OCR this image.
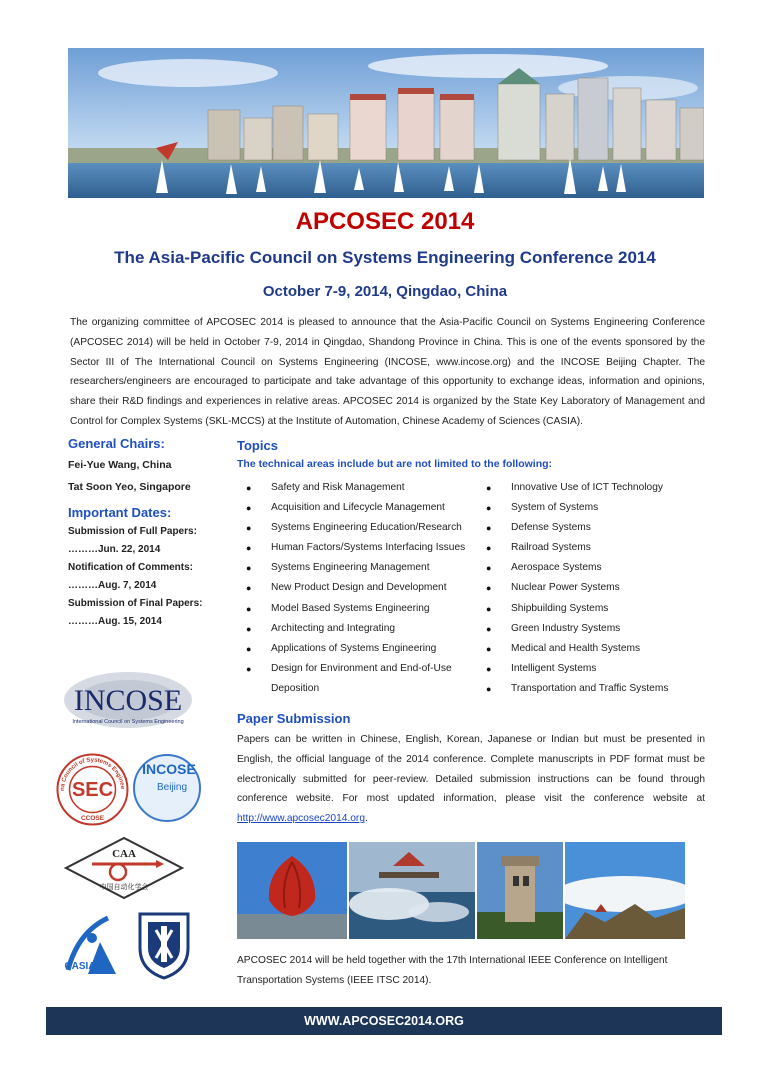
APCOSEC 2014
The Asia-Pacific Council on Systems Engineering Conference 2014
October 7-9, 2014, Qingdao, China
The organizing committee of APCOSEC 2014 is pleased to announce that the Asia-Pacific Council on Systems Engineering Conference (APCOSEC 2014) will be held in October 7-9, 2014 in Qingdao, Shandong Province in China. This is one of the events sponsored by the Sector III of The International Council on Systems Engineering (INCOSE, www.incose.org) and the INCOSE Beijing Chapter. The researchers/engineers are encouraged to participate and take advantage of this opportunity to exchange ideas, information and opinions, share their R&D findings and experiences in relative areas. APCOSEC 2014 is organized by the State Key Laboratory of Management and Control for Complex Systems (SKL-MCCS) at the Institute of Automation, Chinese Academy of Sciences (CASIA).

General Chairs:

Fei-Yue Wang, China

Tat Soon Yeo, Singapore

Important Dates:

Submission of Full Papers:

………Jun. 22, 2014

Notification of Comments:

………Aug. 7, 2014

Submission of Final Papers:

………Aug. 15, 2014

INCOSE
International Council on Systems Engineering
na Council of Systems Enginee
SEC
CCOSE
INCOSE
Beijing
CAA
中国自动化学会
CASIA
Topics
The technical areas include but are not limited to the following:
● Safety and Risk Management
● Acquisition and Lifecycle Management
● Systems Engineering Education/Research
● Human Factors/Systems Interfacing Issues
● Systems Engineering Management
● New Product Design and Development
● Model Based Systems Engineering
● Architecting and Integrating
● Applications of Systems Engineering
● Design for Environment and End-of-Use Deposition
● Innovative Use of ICT Technology
● System of Systems
● Defense Systems
● Railroad Systems
● Aerospace Systems
● Nuclear Power Systems
● Shipbuilding Systems
● Green Industry Systems
● Medical and Health Systems
● Intelligent Systems
● Transportation and Traffic Systems
Paper Submission
Papers can be written in Chinese, English, Korean, Japanese or Indian but must be presented in English, the official language of the 2014 conference. Complete manuscripts in PDF format must be electronically submitted for peer-review. Detailed submission instructions can be found through conference website. For most updated information, please visit the conference website at http://www.apcosec2014.org.
APCOSEC 2014 will be held together with the 17th International IEEE Conference on Intelligent Transportation Systems (IEEE ITSC 2014).
WWW.APCOSEC2014.ORG
